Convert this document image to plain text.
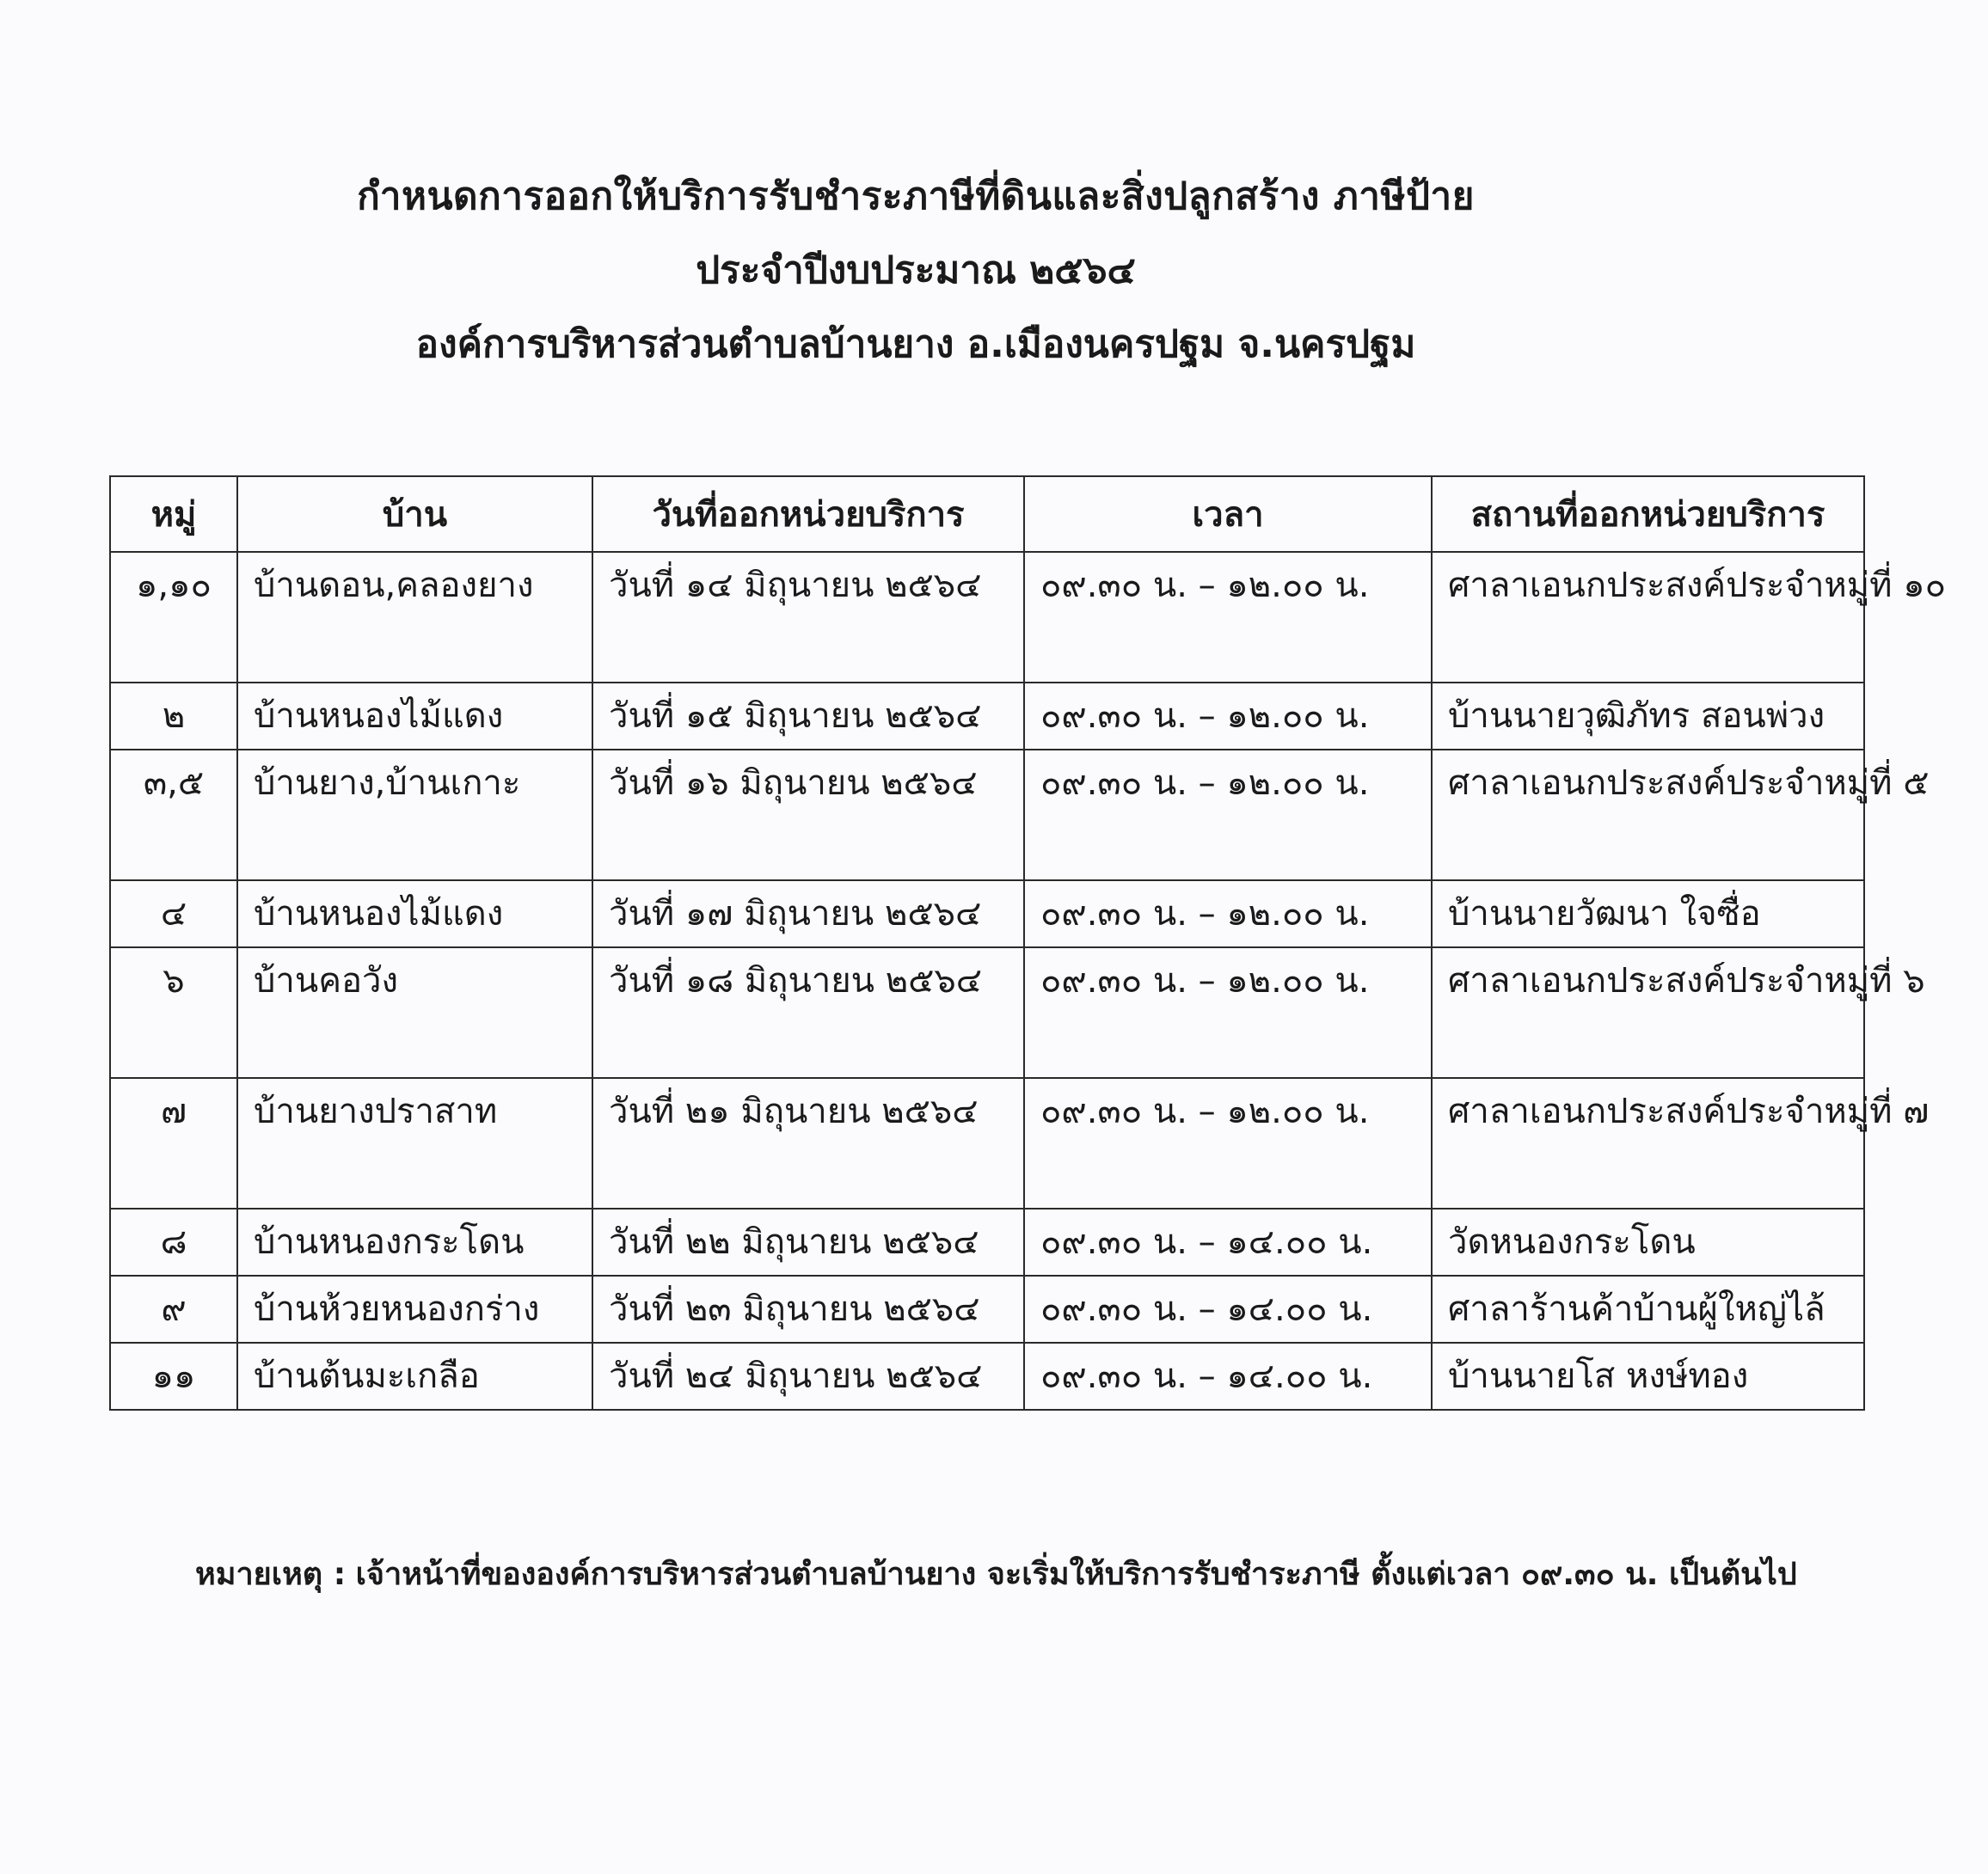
กำหนดการออกให้บริการรับชำระภาษีที่ดินและสิ่งปลูกสร้าง ภาษีป้าย
ประจำปีงบประมาณ ๒๕๖๔
องค์การบริหารส่วนตำบลบ้านยาง อ.เมืองนครปฐม จ.นครปฐม
หมู่	บ้าน	วันที่ออกหน่วยบริการ	เวลา	สถานที่ออกหน่วยบริการ
๑,๑๐	บ้านดอน,คลองยาง	วันที่ ๑๔ มิถุนายน ๒๕๖๔	๐๙.๓๐ น. – ๑๒.๐๐ น.	ศาลาเอนกประสงค์ประจำหมู่ที่ ๑๐
๒	บ้านหนองไม้แดง	วันที่ ๑๕ มิถุนายน ๒๕๖๔	๐๙.๓๐ น. – ๑๒.๐๐ น.	บ้านนายวุฒิภัทร สอนพ่วง
๓,๕	บ้านยาง,บ้านเกาะ	วันที่ ๑๖ มิถุนายน ๒๕๖๔	๐๙.๓๐ น. – ๑๒.๐๐ น.	ศาลาเอนกประสงค์ประจำหมู่ที่ ๕
๔	บ้านหนองไม้แดง	วันที่ ๑๗ มิถุนายน ๒๕๖๔	๐๙.๓๐ น. – ๑๒.๐๐ น.	บ้านนายวัฒนา ใจซื่อ
๖	บ้านคอวัง	วันที่ ๑๘ มิถุนายน ๒๕๖๔	๐๙.๓๐ น. – ๑๒.๐๐ น.	ศาลาเอนกประสงค์ประจำหมู่ที่ ๖
๗	บ้านยางปราสาท	วันที่ ๒๑ มิถุนายน ๒๕๖๔	๐๙.๓๐ น. – ๑๒.๐๐ น.	ศาลาเอนกประสงค์ประจำหมู่ที่ ๗
๘	บ้านหนองกระโดน	วันที่ ๒๒ มิถุนายน ๒๕๖๔	๐๙.๓๐ น. – ๑๔.๐๐ น.	วัดหนองกระโดน
๙	บ้านห้วยหนองกร่าง	วันที่ ๒๓ มิถุนายน ๒๕๖๔	๐๙.๓๐ น. – ๑๔.๐๐ น.	ศาลาร้านค้าบ้านผู้ใหญ่ไล้
๑๑	บ้านต้นมะเกลือ	วันที่ ๒๔ มิถุนายน ๒๕๖๔	๐๙.๓๐ น. – ๑๔.๐๐ น.	บ้านนายโส หงษ์ทอง
หมายเหตุ : เจ้าหน้าที่ขององค์การบริหารส่วนตำบลบ้านยาง จะเริ่มให้บริการรับชำระภาษี ตั้งแต่เวลา ๐๙.๓๐ น. เป็นต้นไป
